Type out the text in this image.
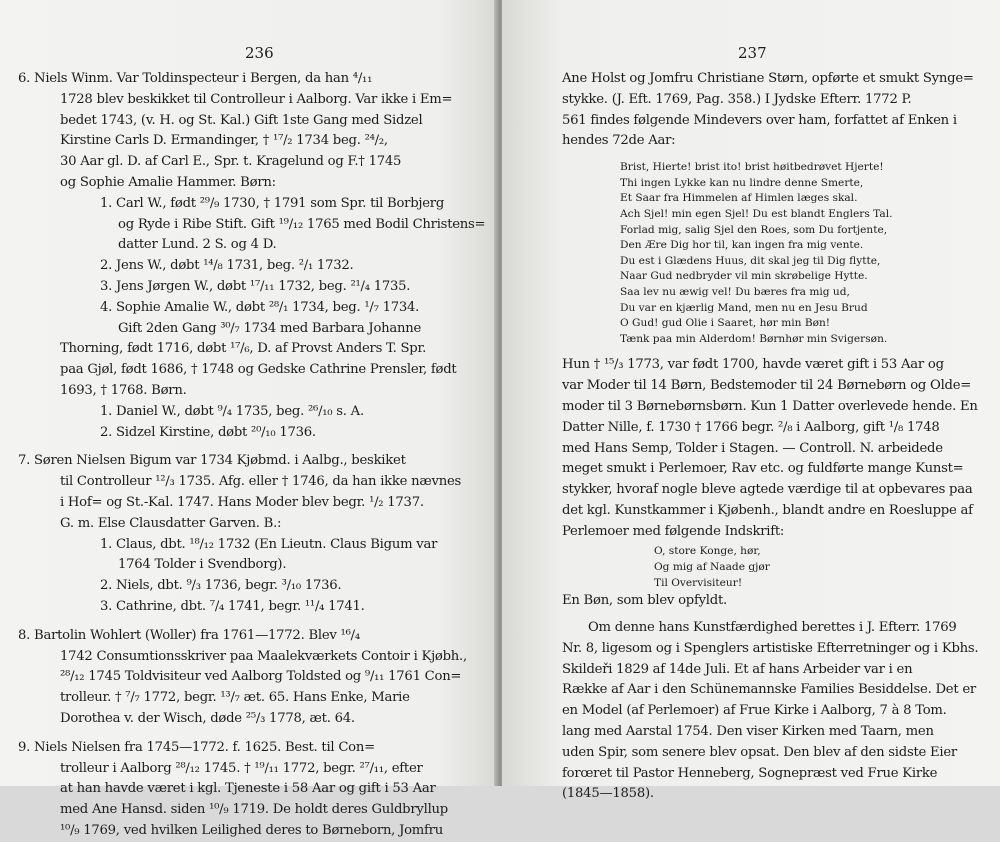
236
6. Niels Winm. Var Toldinspecteur i Bergen, da han ⁴/₁₁
1728 blev beskikket til Controlleur i Aalborg. Var ikke i Em=
bedet 1743, (v. H. og St. Kal.) Gift 1ste Gang med Sidzel
Kirstine Carls D. Ermandinger, † ¹⁷/₂ 1734 beg. ²⁴/₂,
30 Aar gl. D. af Carl E., Spr. t. Kragelund og F.† 1745
og Sophie Amalie Hammer. Børn:
1. Carl W., født ²⁹/₉ 1730, † 1791 som Spr. til Borbjerg
og Ryde i Ribe Stift. Gift ¹⁹/₁₂ 1765 med Bodil Christens=
datter Lund. 2 S. og 4 D.
2. Jens W., døbt ¹⁴/₈ 1731, beg. ²/₁ 1732.
3. Jens Jørgen W., døbt ¹⁷/₁₁ 1732, beg. ²¹/₄ 1735.
4. Sophie Amalie W., døbt ²⁸/₁ 1734, beg. ¹/₇ 1734.
Gift 2den Gang ³⁰/₇ 1734 med Barbara Johanne
Thorning, født 1716, døbt ¹⁷/₆, D. af Provst Anders T. Spr.
paa Gjøl, født 1686, † 1748 og Gedske Cathrine Prensler, født
1693, † 1768. Børn.
1. Daniel W., døbt ⁹/₄ 1735, beg. ²⁶/₁₀ s. A.
2. Sidzel Kirstine, døbt ²⁰/₁₀ 1736.
7. Søren Nielsen Bigum var 1734 Kjøbmd. i Aalbg., beskiket
til Controlleur ¹²/₃ 1735. Afg. eller † 1746, da han ikke nævnes
i Hof= og St.-Kal. 1747. Hans Moder blev begr. ¹/₂ 1737.
G. m. Else Clausdatter Garven. B.:
1. Claus, dbt. ¹⁸/₁₂ 1732 (En Lieutn. Claus Bigum var
1764 Tolder i Svendborg).
2. Niels, dbt. ⁹/₃ 1736, begr. ³/₁₀ 1736.
3. Cathrine, dbt. ⁷/₄ 1741, begr. ¹¹/₄ 1741.
8. Bartolin Wohlert (Woller) fra 1761—1772. Blev ¹⁶/₄
1742 Consumtionsskriver paa Maalekværkets Contoir i Kjøbh.,
²⁸/₁₂ 1745 Toldvisiteur ved Aalborg Toldsted og ⁹/₁₁ 1761 Con=
trolleur. † ⁷/₇ 1772, begr. ¹³/₇ æt. 65. Hans Enke, Marie
Dorothea v. der Wisch, døde ²⁵/₃ 1778, æt. 64.
9. Niels Nielsen fra 1745—1772. f. 1625. Best. til Con=
trolleur i Aalborg ²⁸/₁₂ 1745. † ¹⁹/₁₁ 1772, begr. ²⁷/₁₁, efter
at han havde været i kgl. Tjeneste i 58 Aar og gift i 53 Aar
med Ane Hansd. siden ¹⁰/₉ 1719. De holdt deres Guldbryllup
¹⁰/₉ 1769, ved hvilken Leilighed deres to Børneborn, Jomfru
237
Ane Holst og Jomfru Christiane Størn, opførte et smukt Synge=
stykke. (J. Eft. 1769, Pag. 358.) I Jydske Efterr. 1772 P.
561 findes følgende Mindevers over ham, forfattet af Enken i
hendes 72de Aar:
Brist, Hierte! brist ito! brist høitbedrøvet Hjerte!
Thi ingen Lykke kan nu lindre denne Smerte,
Et Saar fra Himmelen af Himlen læges skal.
Ach Sjel! min egen Sjel! Du est blandt Englers Tal.
Forlad mig, salig Sjel den Roes, som Du fortjente,
Den Ære Dig hor til, kan ingen fra mig vente.
Du est i Glædens Huus, dit skal jeg til Dig flytte,
Naar Gud nedbryder vil min skrøbelige Hytte.
Saa lev nu æwig vel! Du bæres fra mig ud,
Du var en kjærlig Mand, men nu en Jesu Brud
O Gud! gud Olie i Saaret, hør min Bøn!
Tænk paa min Alderdom! Børnhør min Svigersøn.
Hun † ¹⁵/₃ 1773, var født 1700, havde været gift i 53 Aar og
var Moder til 14 Børn, Bedstemoder til 24 Børnebørn og Olde=
moder til 3 Børnebørnsbørn. Kun 1 Datter overlevede hende. En
Datter Nille, f. 1730 † 1766 begr. ²/₈ i Aalborg, gift ¹/₈ 1748
med Hans Semp, Tolder i Stagen. — Controll. N. arbeidede
meget smukt i Perlemoer, Rav etc. og fuldførte mange Kunst=
stykker, hvoraf nogle bleve agtede værdige til at opbevares paa
det kgl. Kunstkammer i Kjøbenh., blandt andre en Roesluppe af
Perlemoer med følgende Indskrift:
O, store Konge, hør,
Og mig af Naade gjør
Til Overvisiteur!
En Bøn, som blev opfyldt.
Om denne hans Kunstfærdighed berettes i J. Efterr. 1769
Nr. 8, ligesom og i Spenglers artistiske Efterretninger og i Kbhs.
Skildeři 1829 af 14de Juli. Et af hans Arbeider var i en
Række af Aar i den Schünemannske Families Besiddelse. Det er
en Model (af Perlemoer) af Frue Kirke i Aalborg, 7 à 8 Tom.
lang med Aarstal 1754. Den viser Kirken med Taarn, men
uden Spir, som senere blev opsat. Den blev af den sidste Eier
forœret til Pastor Henneberg, Sognepræst ved Frue Kirke
(1845—1858).
